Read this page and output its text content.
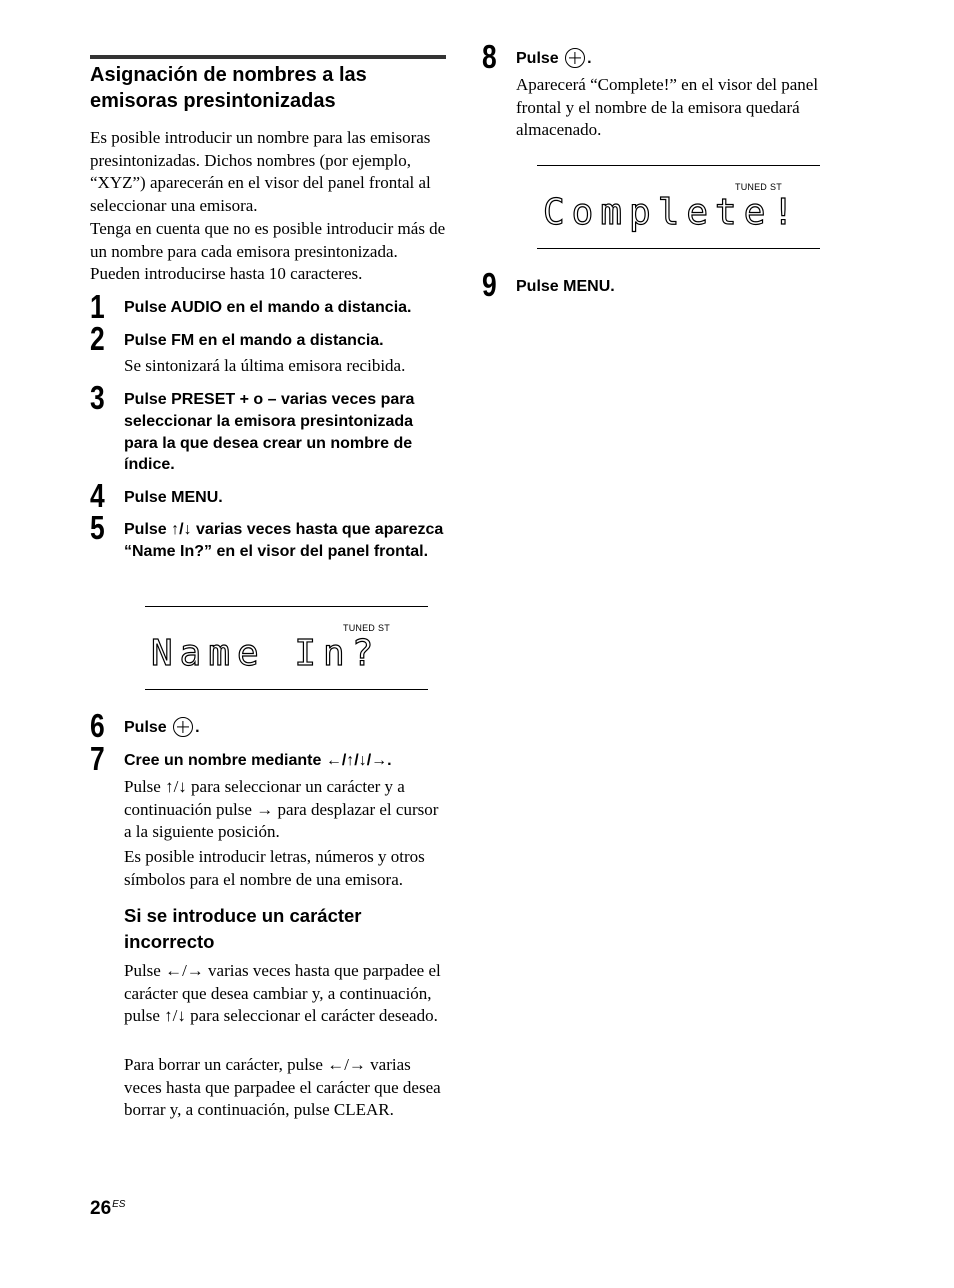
Asignación de nombres a las emisoras presintonizadas
Es posible introducir un nombre para las emisoras presintonizadas. Dichos nombres (por ejemplo, “XYZ”) aparecerán en el visor del panel frontal al seleccionar una emisora.
Tenga en cuenta que no es posible introducir más de un nombre para cada emisora presintonizada. Pueden introducirse hasta 10 caracteres.
1	Pulse AUDIO en el mando a distancia.
2	Pulse FM en el mando a distancia.
Se sintonizará la última emisora recibida.
3	Pulse PRESET + o – varias veces para seleccionar la emisora presintonizada para la que desea crear un nombre de índice.
4	Pulse MENU.
5	Pulse ↑/↓ varias veces hasta que aparezca “Name In?” en el visor del panel frontal.
TUNED ST
Name In?
6	Pulse .
7	Cree un nombre mediante ←/↑/↓/→.
Pulse ↑/↓ para seleccionar un carácter y a continuación pulse → para desplazar el cursor a la siguiente posición.
Es posible introducir letras, números y otros símbolos para el nombre de una emisora.
Si se introduce un carácter incorrecto
Pulse ←/→ varias veces hasta que parpadee el carácter que desea cambiar y, a continuación, pulse ↑/↓ para seleccionar el carácter deseado.
Para borrar un carácter, pulse ←/→ varias veces hasta que parpadee el carácter que desea borrar y, a continuación, pulse CLEAR.
8	Pulse .
Aparecerá “Complete!” en el visor del panel frontal y el nombre de la emisora quedará almacenado.
TUNED ST
Complete!
9	Pulse MENU.
$26^{ES}$
